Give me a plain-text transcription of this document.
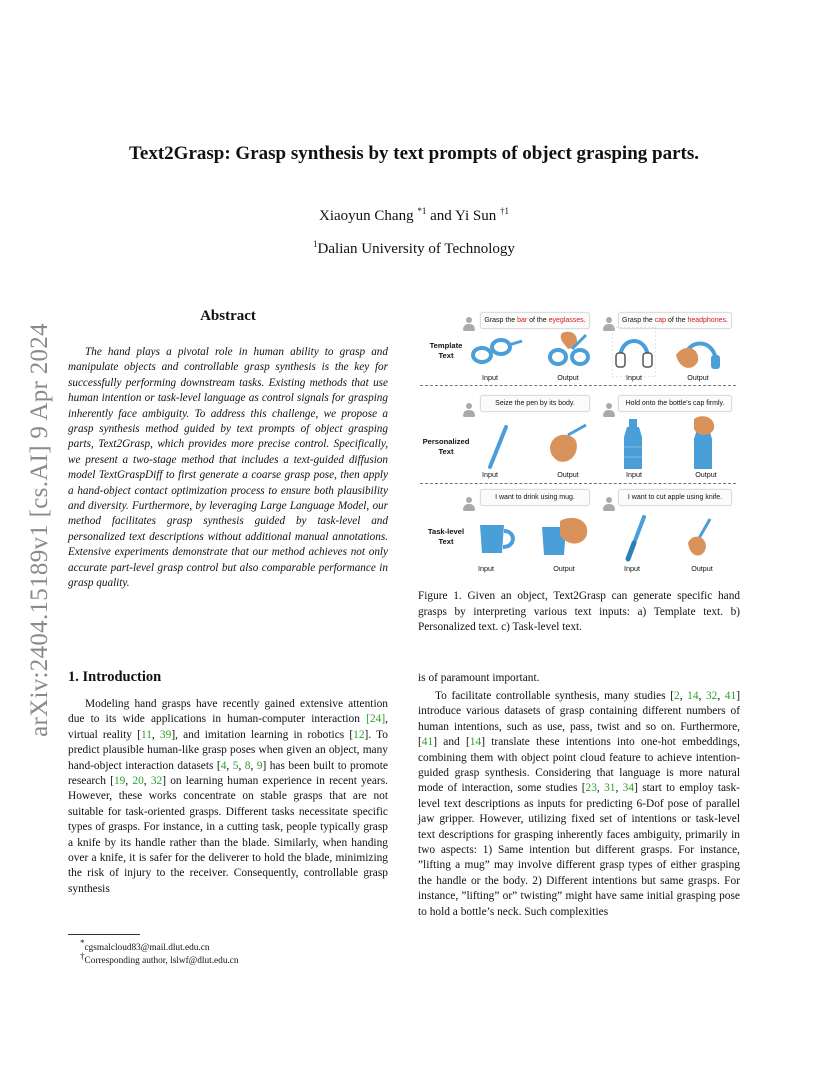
arXiv:2404.15189v1 [cs.AI] 9 Apr 2024
Text2Grasp: Grasp synthesis by text prompts of object grasping parts.
Xiaoyun Chang $^{*1}$ and Yi Sun $^{\dagger 1}$
$^1$Dalian University of Technology
Abstract
The hand plays a pivotal role in human ability to grasp and manipulate objects and controllable grasp synthesis is the key for successfully performing downstream tasks. Existing methods that use human intention or task-level language as control signals for grasping inherently face ambiguity. To address this challenge, we propose a grasp synthesis method guided by text prompts of object grasping parts, Text2Grasp, which provides more precise control. Specifically, we present a two-stage method that includes a text-guided diffusion model TextGraspDiff to first generate a coarse grasp pose, then apply a hand-object contact optimization process to ensure both plausibility and diversity. Furthermore, by leveraging Large Language Model, our method facilitates grasp synthesis guided by task-level and personalized text descriptions without additional manual annotations. Extensive experiments demonstrate that our method achieves not only accurate part-level grasp control but also comparable performance in grasp quality.
1. Introduction
Modeling hand grasps have recently gained extensive attention due to its wide applications in human-computer interaction [24], virtual reality [11, 39], and imitation learning in robotics [12]. To predict plausible human-like grasp poses when given an object, many hand-object interaction datasets [4, 5, 8, 9] has been built to promote research [19, 20, 32] on learning human experience in recent years. However, these works concentrate on stable grasps that are not suitable for task-oriented grasps. Different tasks necessitate specific types of grasps. For instance, in a cutting task, people typically grasp a knife by its handle rather than the blade. Similarly, when handing over a knife, it is safer for the deliverer to hold the blade, minimizing the risk of injury to the receiver. Consequently, controllable grasp synthesis
is of paramount important.
To facilitate controllable synthesis, many studies [2, 14, 32, 41] introduce various datasets of grasp containing different numbers of human intentions, such as use, pass, twist and so on. Furthermore, [41] and [14] translate these intentions into one-hot embeddings, combining them with object point cloud feature to achieve intention-guided grasp synthesis. Considering that language is more natural mode of interaction, some studies [23, 31, 34] start to employ task-level text descriptions as inputs for predicting 6-Dof pose of parallel jaw gripper. However, utilizing fixed set of intentions or task-level text descriptions for grasping inherently faces ambiguity, primarily in two aspects: 1) Same intention but different grasps. For instance, ”lifting a mug” may involve different grasp types of either grasping the handle or the body. 2) Different intentions but same grasps. For instance, ”lifting” or” twisting” might have same initial grasping pose to hold a bottle’s neck. Such complexities
*cgsmalcloud83@mail.dlut.edu.cn
†Corresponding author, lslwf@dlut.edu.cn
Template
Text
Grasp the bar of the eyeglasses.	Grasp the cap of the headphones.
Input	Output	Input	Output
Personalized
Text
Seize the pen by its body.	Hold onto the bottle's cap firmly.
Input	Output	Input	Output
Task-level
Text
I want to drink using mug.	I want to cut apple using knife.
Input	Output	Input	Output
Figure 1. Given an object, Text2Grasp can generate specific hand grasps by interpreting various text inputs: a) Template text. b) Personalized text. c) Task-level text.
